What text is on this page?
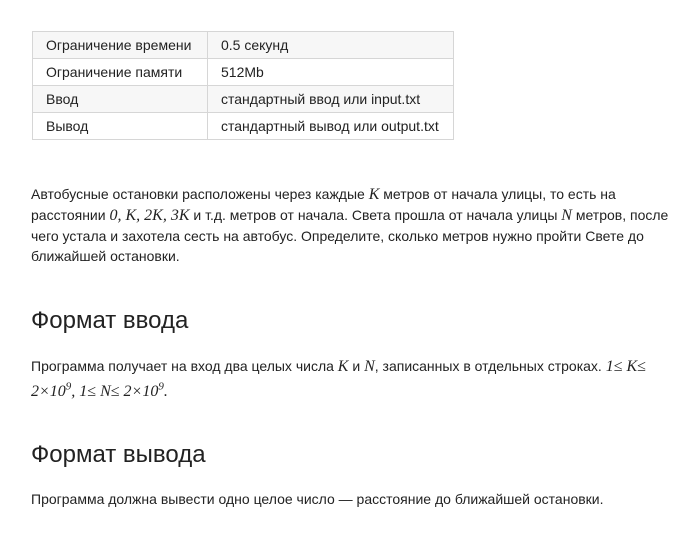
Ограничение времени	0.5 секунд
Ограничение памяти	512Mb
Ввод	стандартный ввод или input.txt
Вывод	стандартный вывод или output.txt

Автобусные остановки расположены через каждые K метров от начала улицы, то есть на расстоянии 0, K, 2K, 3K и т.д. метров от начала. Света прошла от начала улицы N метров, после чего устала и захотела сесть на автобус. Определите, сколько метров нужно пройти Свете до ближайшей остановки.

Формат ввода

Программа получает на вход два целых числа K и N, записанных в отдельных строках. $1\le K\le 2\times 10^9$, $1\le N\le 2\times 10^9$.

Формат вывода

Программа должна вывести одно целое число — расстояние до ближайшей остановки.
